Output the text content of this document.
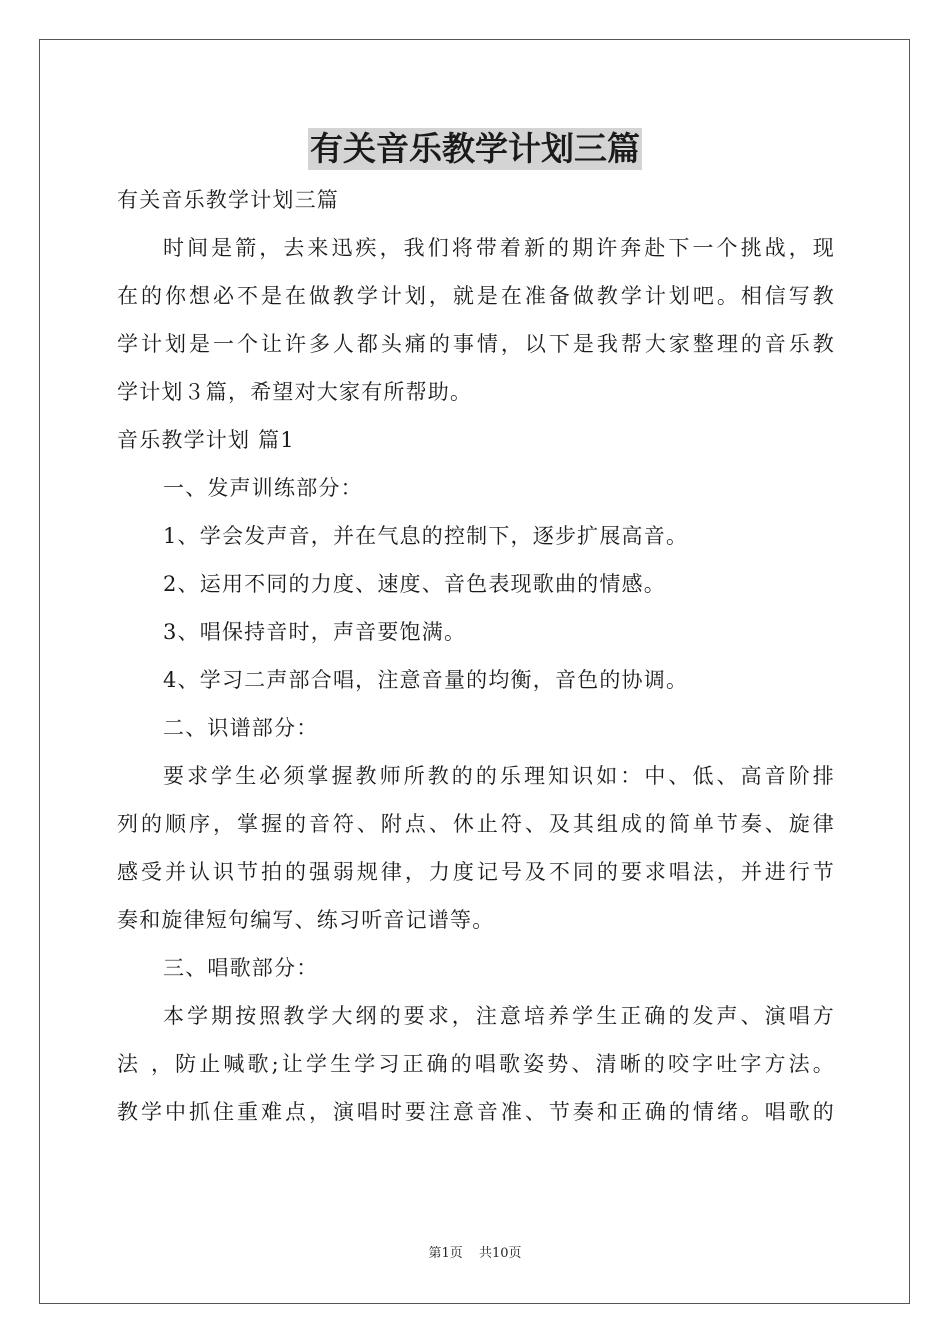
有关音乐教学计划三篇
有关音乐教学计划三篇
时间是箭，去来迅疾，我们将带着新的期许奔赴下一个挑战，现
在的你想必不是在做教学计划，就是在准备做教学计划吧。相信写教
学计划是一个让许多人都头痛的事情，以下是我帮大家整理的音乐教
学计划３篇，希望对大家有所帮助。
音乐教学计划 篇1
一、发声训练部分：
1、学会发声音，并在气息的控制下，逐步扩展高音。
2、运用不同的力度、速度、音色表现歌曲的情感。
3、唱保持音时，声音要饱满。
4、学习二声部合唱，注意音量的均衡，音色的协调。
二、识谱部分：
要求学生必须掌握教师所教的的乐理知识如：中、低、高音阶排
列的顺序，掌握的音符、附点、休止符、及其组成的简单节奏、旋律
感受并认识节拍的强弱规律，力度记号及不同的要求唱法，并进行节
奏和旋律短句编写、练习听音记谱等。
三、唱歌部分：
本学期按照教学大纲的要求，注意培养学生正确的发声、演唱方
法 ，防止喊歌;让学生学习正确的唱歌姿势、清晰的咬字吐字方法。
教学中抓住重难点，演唱时要注意音准、节奏和正确的情绪。唱歌的
第1页 共10页
